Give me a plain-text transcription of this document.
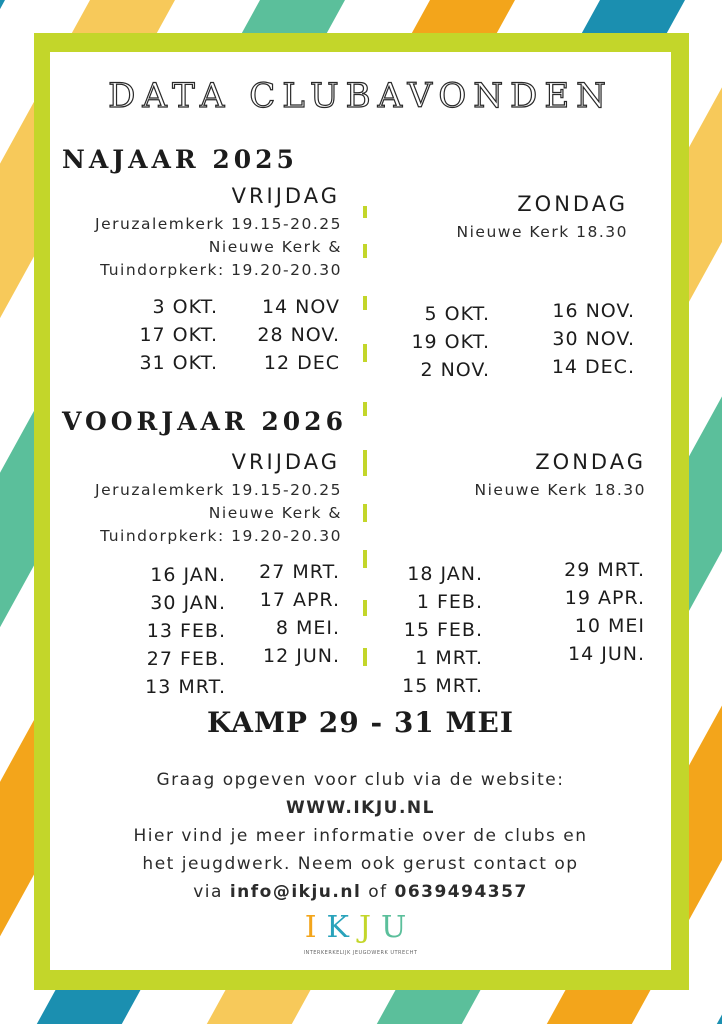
DATA CLUBAVONDEN
NAJAAR 2025
VRIJDAG
Jeruzalemkerk 19.15-20.25
Nieuwe Kerk &
Tuindorpkerk: 19.20-20.30
3 OKT.
17 OKT.
31 OKT.
14 NOV
28 NOV.
12 DEC
ZONDAG
Nieuwe Kerk 18.30
5 OKT.
19 OKT.
2 NOV.
16 NOV.
30 NOV.
14 DEC.
VOORJAAR 2026
VRIJDAG
Jeruzalemkerk 19.15-20.25
Nieuwe Kerk &
Tuindorpkerk: 19.20-20.30
16 JAN.
30 JAN.
13 FEB.
27 FEB.
13 MRT.
27 MRT.
17 APR.
8 MEI.
12 JUN.
ZONDAG
Nieuwe Kerk 18.30
18 JAN.
1 FEB.
15 FEB.
1 MRT.
15 MRT.
29 MRT.
19 APR.
10 MEI
14 JUN.
KAMP 29 - 31 MEI
Graag opgeven voor club via de website:
WWW.IKJU.NL
Hier vind je meer informatie over de clubs en
het jeugdwerk. Neem ook gerust contact op
via info@ikju.nl of 0639494357
IKJU
INTERKERKELIJK JEUGDWERK UTRECHT
